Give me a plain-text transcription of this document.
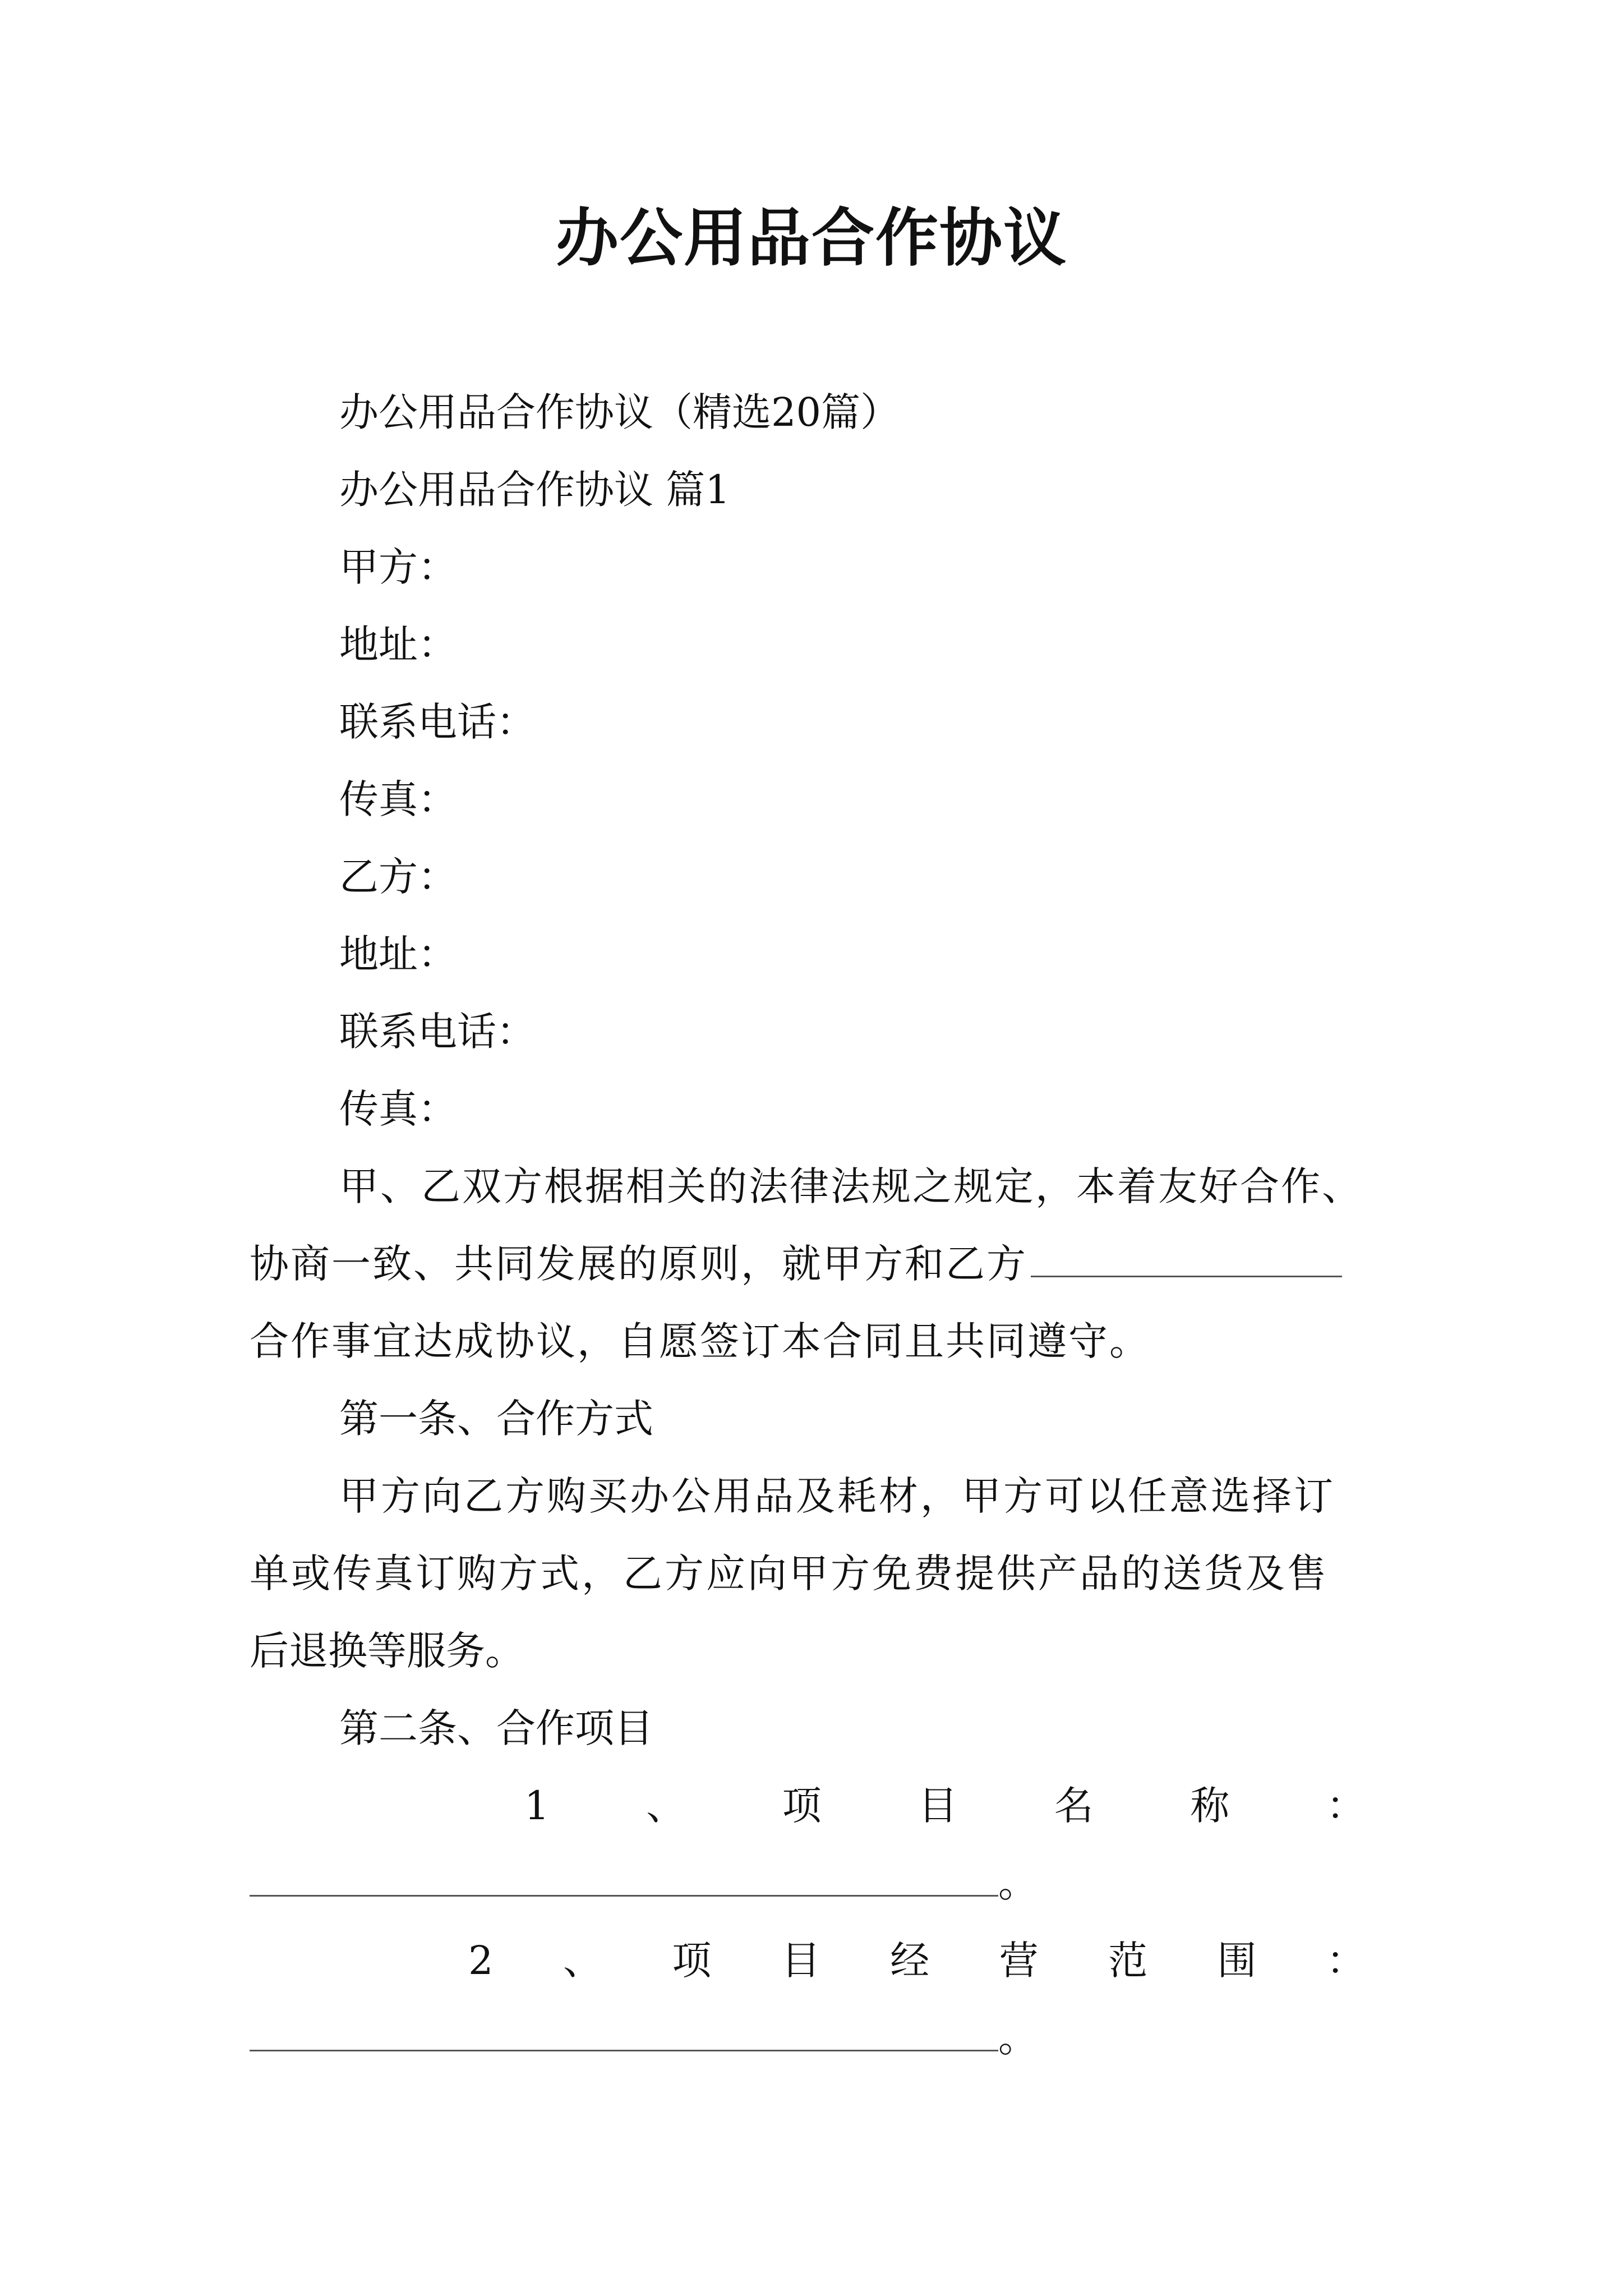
办公用品合作协议
办公用品合作协议（精选20篇）
办公用品合作协议 篇1
甲方：
地址：
联系电话：
传真：
乙方：
地址：
联系电话：
传真：
甲、乙双方根据相关的法律法规之规定，本着友好合作、
协商一致、共同发展的原则，就甲方和乙方
合作事宜达成协议，自愿签订本合同且共同遵守。
第一条、合作方式
甲方向乙方购买办公用品及耗材，甲方可以任意选择订
单或传真订购方式，乙方应向甲方免费提供产品的送货及售
后退换等服务。
第二条、合作项目
1 、 项 目 名 称 ：
。
2 、 项 目 经 营 范 围 ：
。
